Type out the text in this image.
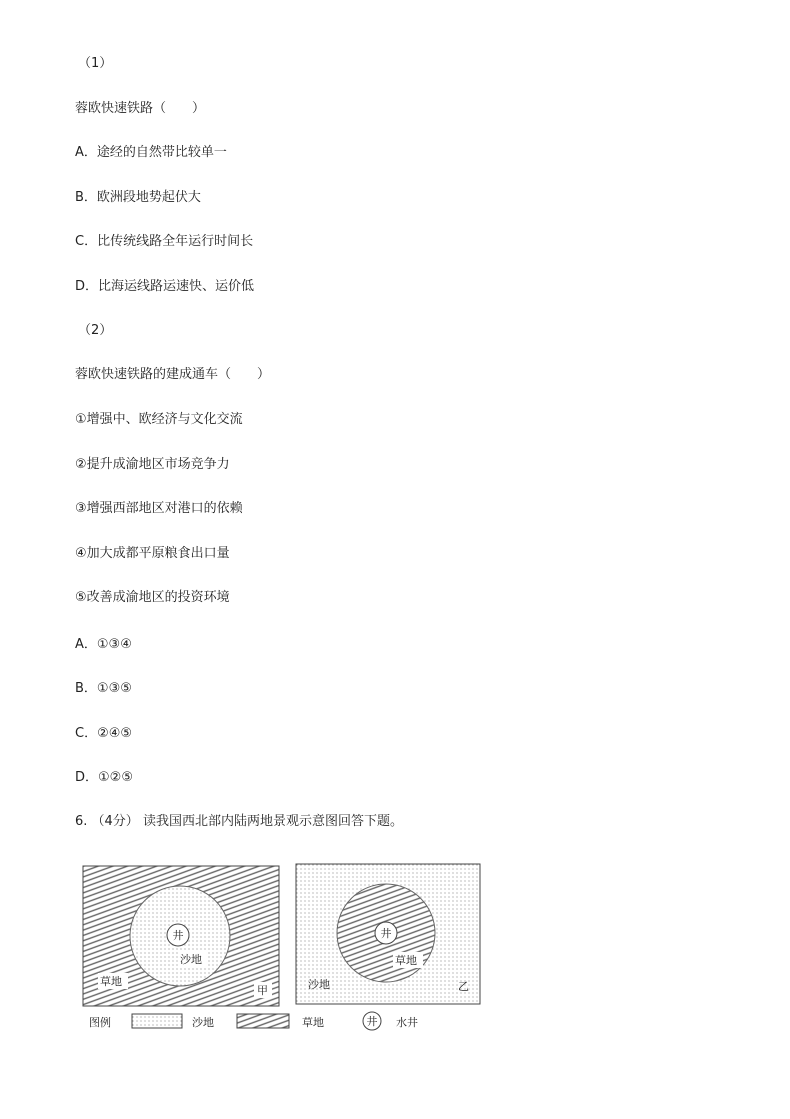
（1）
蓉欧快速铁路（　　）
A．途经的自然带比较单一
B．欧洲段地势起伏大
C．比传统线路全年运行时间长
D．比海运线路运速快、运价低
（2）
蓉欧快速铁路的建成通车（　　）
①增强中、欧经济与文化交流
②提升成渝地区市场竞争力
③增强西部地区对港口的依赖
④加大成都平原粮食出口量
⑤改善成渝地区的投资环境
A．①③④
B．①③⑤
C．②④⑤
D．①②⑤
6. （4分） 读我国西北部内陆两地景观示意图回答下题。
井
沙地
草地
甲
井
草地
沙地	乙
图例	沙地	草地	井 水井
